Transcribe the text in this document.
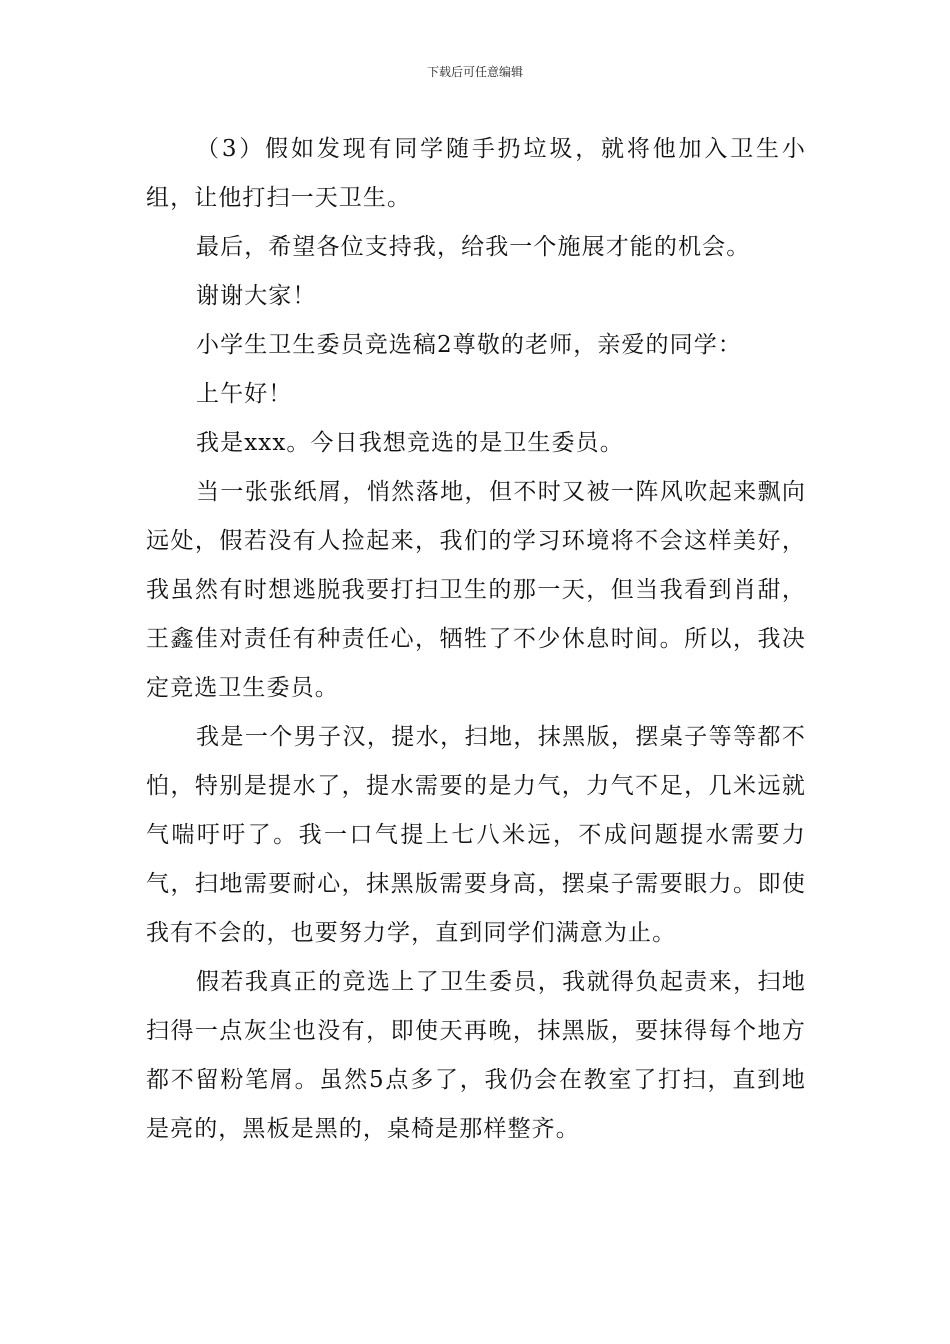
下载后可任意编辑

（3）假如发现有同学随手扔垃圾，就将他加入卫生小组，让他打扫一天卫生。

最后，希望各位支持我，给我一个施展才能的机会。

谢谢大家！

小学生卫生委员竞选稿2尊敬的老师，亲爱的同学：

上午好！

我是xxx。今日我想竞选的是卫生委员。

当一张张纸屑，悄然落地，但不时又被一阵风吹起来飘向远处，假若没有人捡起来，我们的学习环境将不会这样美好，我虽然有时想逃脱我要打扫卫生的那一天，但当我看到肖甜，王鑫佳对责任有种责任心，牺牲了不少休息时间。所以，我决定竞选卫生委员。

我是一个男子汉，提水，扫地，抹黑版，摆桌子等等都不怕，特别是提水了，提水需要的是力气，力气不足，几米远就气喘吁吁了。我一口气提上七八米远，不成问题提水需要力气，扫地需要耐心，抹黑版需要身高，摆桌子需要眼力。即使我有不会的，也要努力学，直到同学们满意为止。

假若我真正的竞选上了卫生委员，我就得负起责来，扫地扫得一点灰尘也没有，即使天再晚，抹黑版，要抹得每个地方都不留粉笔屑。虽然5点多了，我仍会在教室了打扫，直到地是亮的，黑板是黑的，桌椅是那样整齐。
